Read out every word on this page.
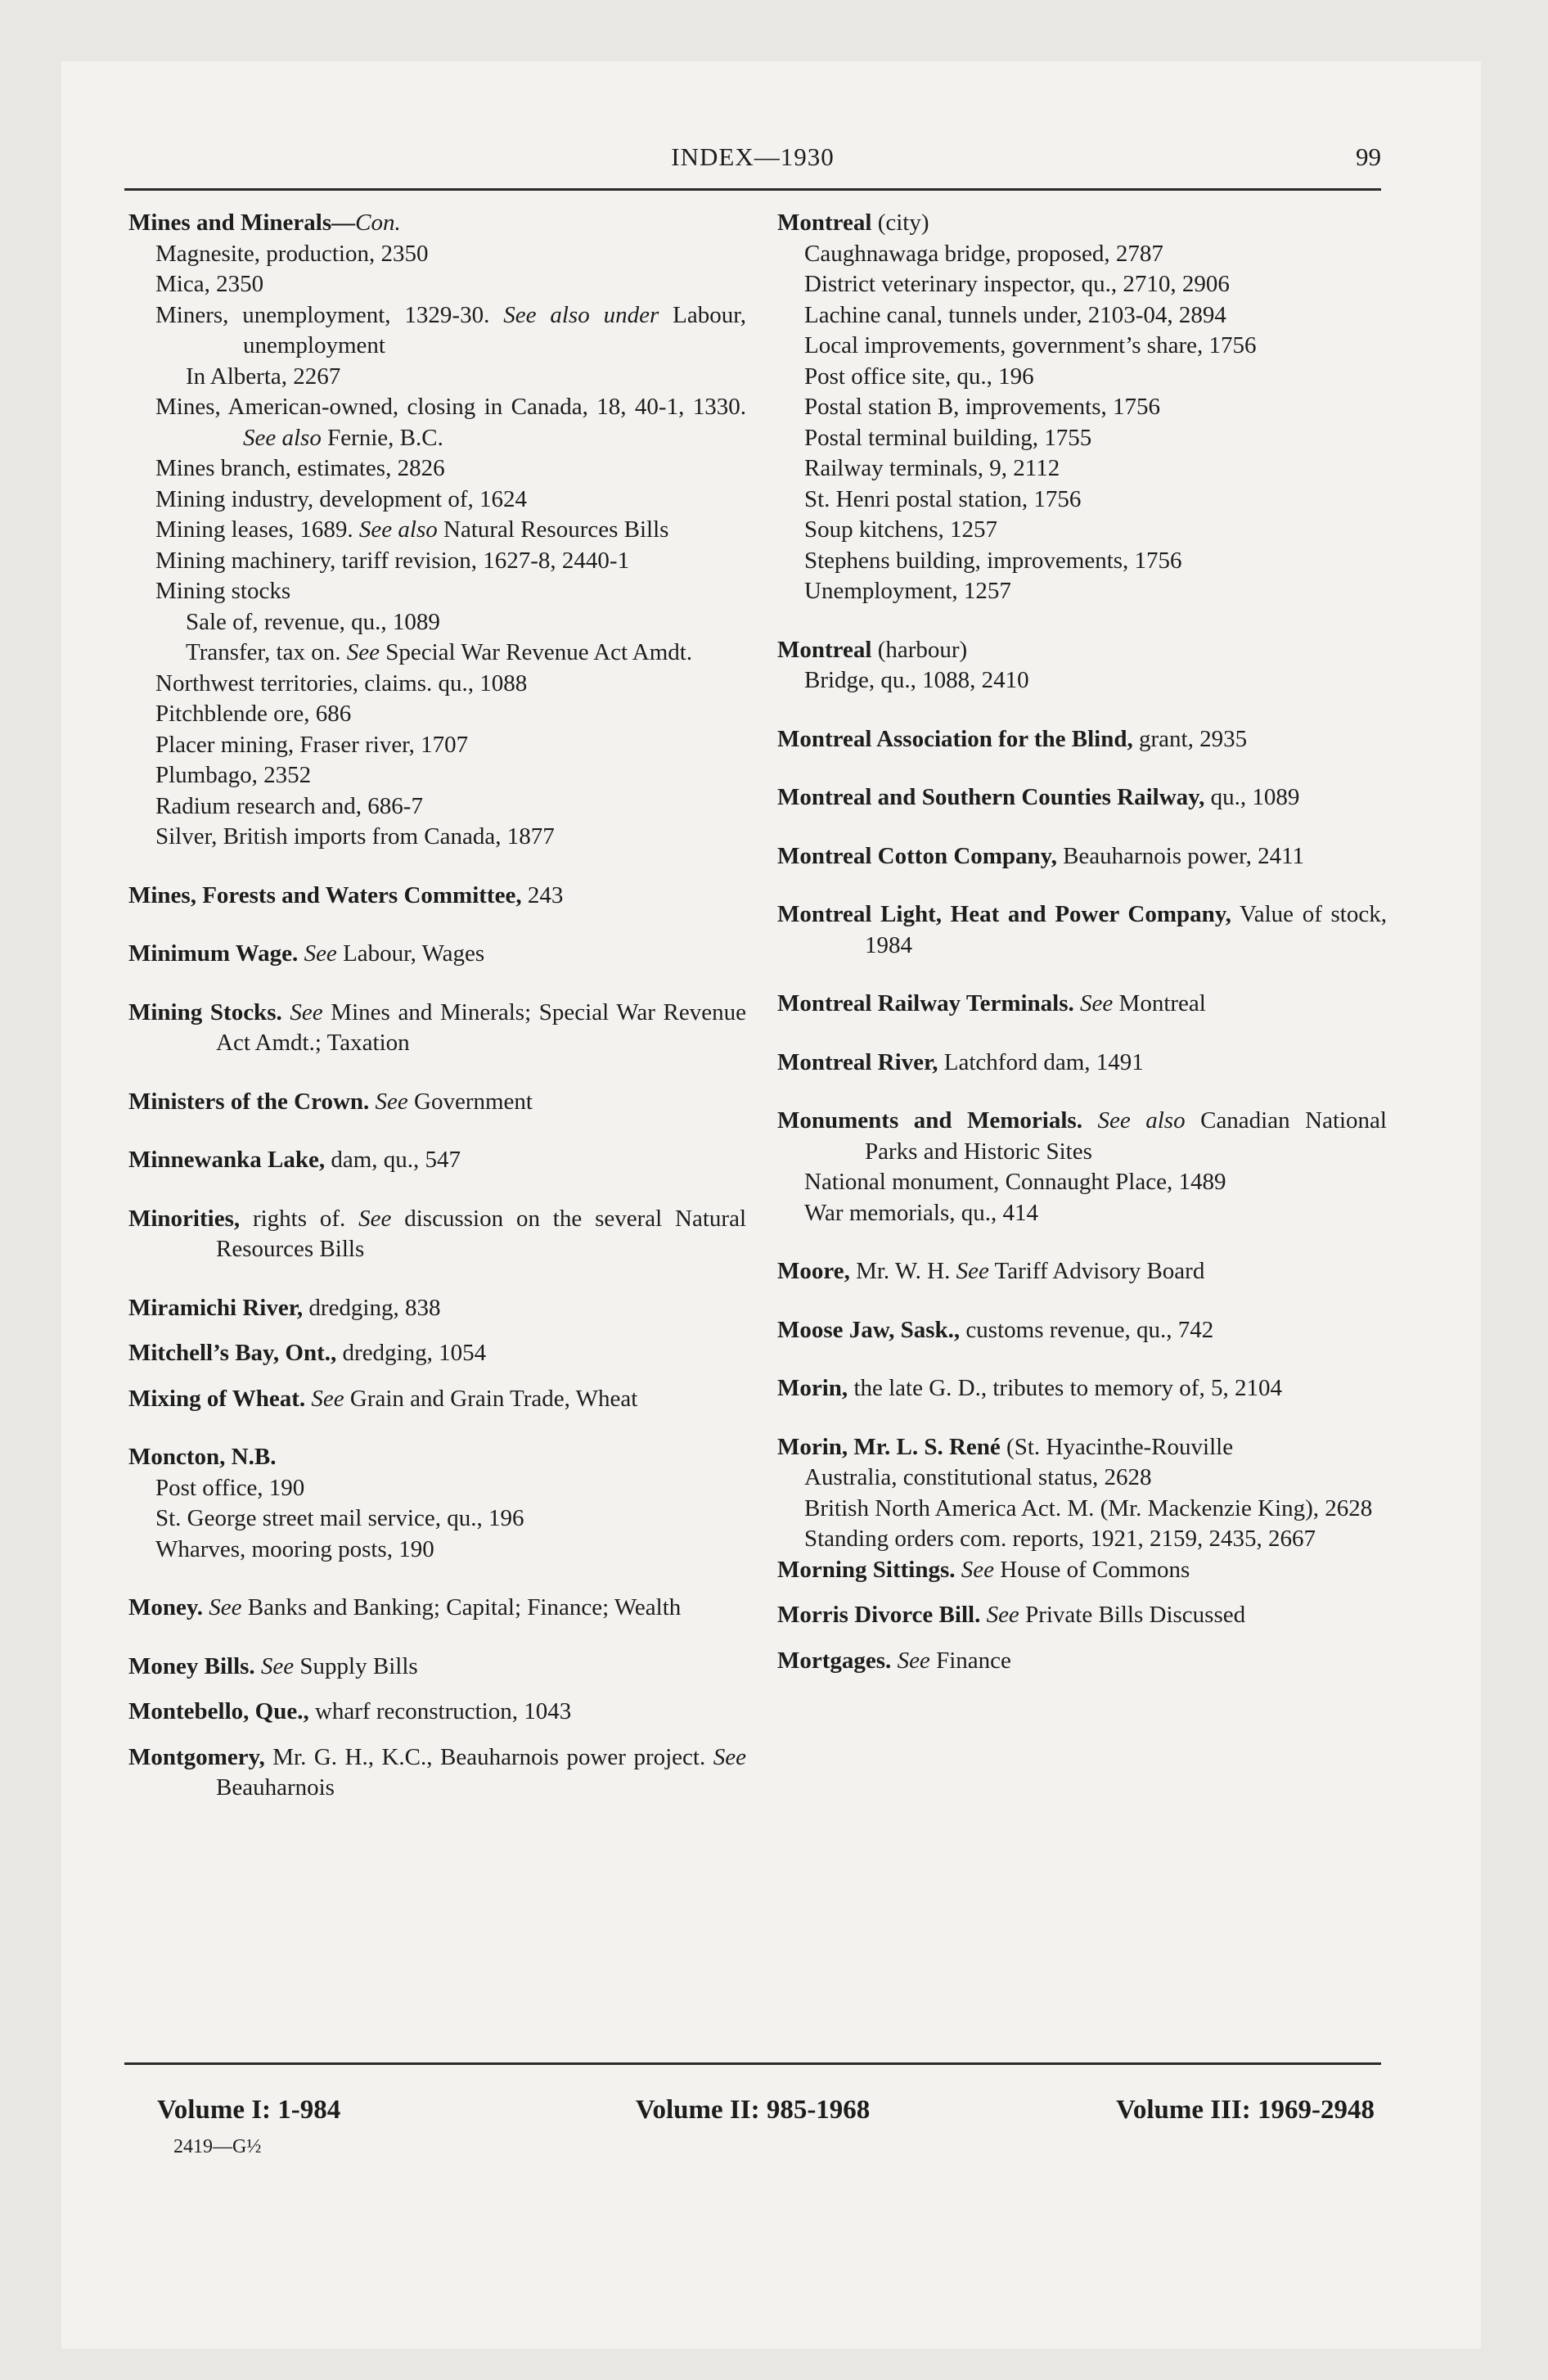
INDEX—1930	99

Mines and Minerals—Con.

Magnesite, production, 2350

Mica, 2350

Miners, unemployment, 1329-30. See also under Labour, unemployment

In Alberta, 2267

Mines, American-owned, closing in Canada, 18, 40-1, 1330. See also Fernie, B.C.

Mines branch, estimates, 2826

Mining industry, development of, 1624

Mining leases, 1689. See also Natural Resources Bills

Mining machinery, tariff revision, 1627-8, 2440-1

Mining stocks

Sale of, revenue, qu., 1089

Transfer, tax on. See Special War Revenue Act Amdt.

Northwest territories, claims. qu., 1088

Pitchblende ore, 686

Placer mining, Fraser river, 1707

Plumbago, 2352

Radium research and, 686-7

Silver, British imports from Canada, 1877

Mines, Forests and Waters Committee, 243

Minimum Wage. See Labour, Wages

Mining Stocks. See Mines and Minerals; Special War Revenue Act Amdt.; Taxation

Ministers of the Crown. See Government

Minnewanka Lake, dam, qu., 547

Minorities, rights of. See discussion on the several Natural Resources Bills

Miramichi River, dredging, 838

Mitchell’s Bay, Ont., dredging, 1054

Mixing of Wheat. See Grain and Grain Trade, Wheat

Moncton, N.B.

Post office, 190

St. George street mail service, qu., 196

Wharves, mooring posts, 190

Money. See Banks and Banking; Capital; Finance; Wealth

Money Bills. See Supply Bills

Montebello, Que., wharf reconstruction, 1043

Montgomery, Mr. G. H., K.C., Beauharnois power project. See Beauharnois

Montreal (city)

Caughnawaga bridge, proposed, 2787

District veterinary inspector, qu., 2710, 2906

Lachine canal, tunnels under, 2103-04, 2894

Local improvements, government’s share, 1756

Post office site, qu., 196

Postal station B, improvements, 1756

Postal terminal building, 1755

Railway terminals, 9, 2112

St. Henri postal station, 1756

Soup kitchens, 1257

Stephens building, improvements, 1756

Unemployment, 1257

Montreal (harbour)

Bridge, qu., 1088, 2410

Montreal Association for the Blind, grant, 2935

Montreal and Southern Counties Railway, qu., 1089

Montreal Cotton Company, Beauharnois power, 2411

Montreal Light, Heat and Power Company, Value of stock, 1984

Montreal Railway Terminals. See Montreal

Montreal River, Latchford dam, 1491

Monuments and Memorials. See also Canadian National Parks and Historic Sites

National monument, Connaught Place, 1489

War memorials, qu., 414

Moore, Mr. W. H. See Tariff Advisory Board

Moose Jaw, Sask., customs revenue, qu., 742

Morin, the late G. D., tributes to memory of, 5, 2104

Morin, Mr. L. S. René (St. Hyacinthe-Rouville

Australia, constitutional status, 2628

British North America Act. M. (Mr. Mackenzie King), 2628

Standing orders com. reports, 1921, 2159, 2435, 2667

Morning Sittings. See House of Commons

Morris Divorce Bill. See Private Bills Discussed

Mortgages. See Finance

Volume I: 1-984	Volume II: 985-1968	Volume III: 1969-2948
2419—G½
